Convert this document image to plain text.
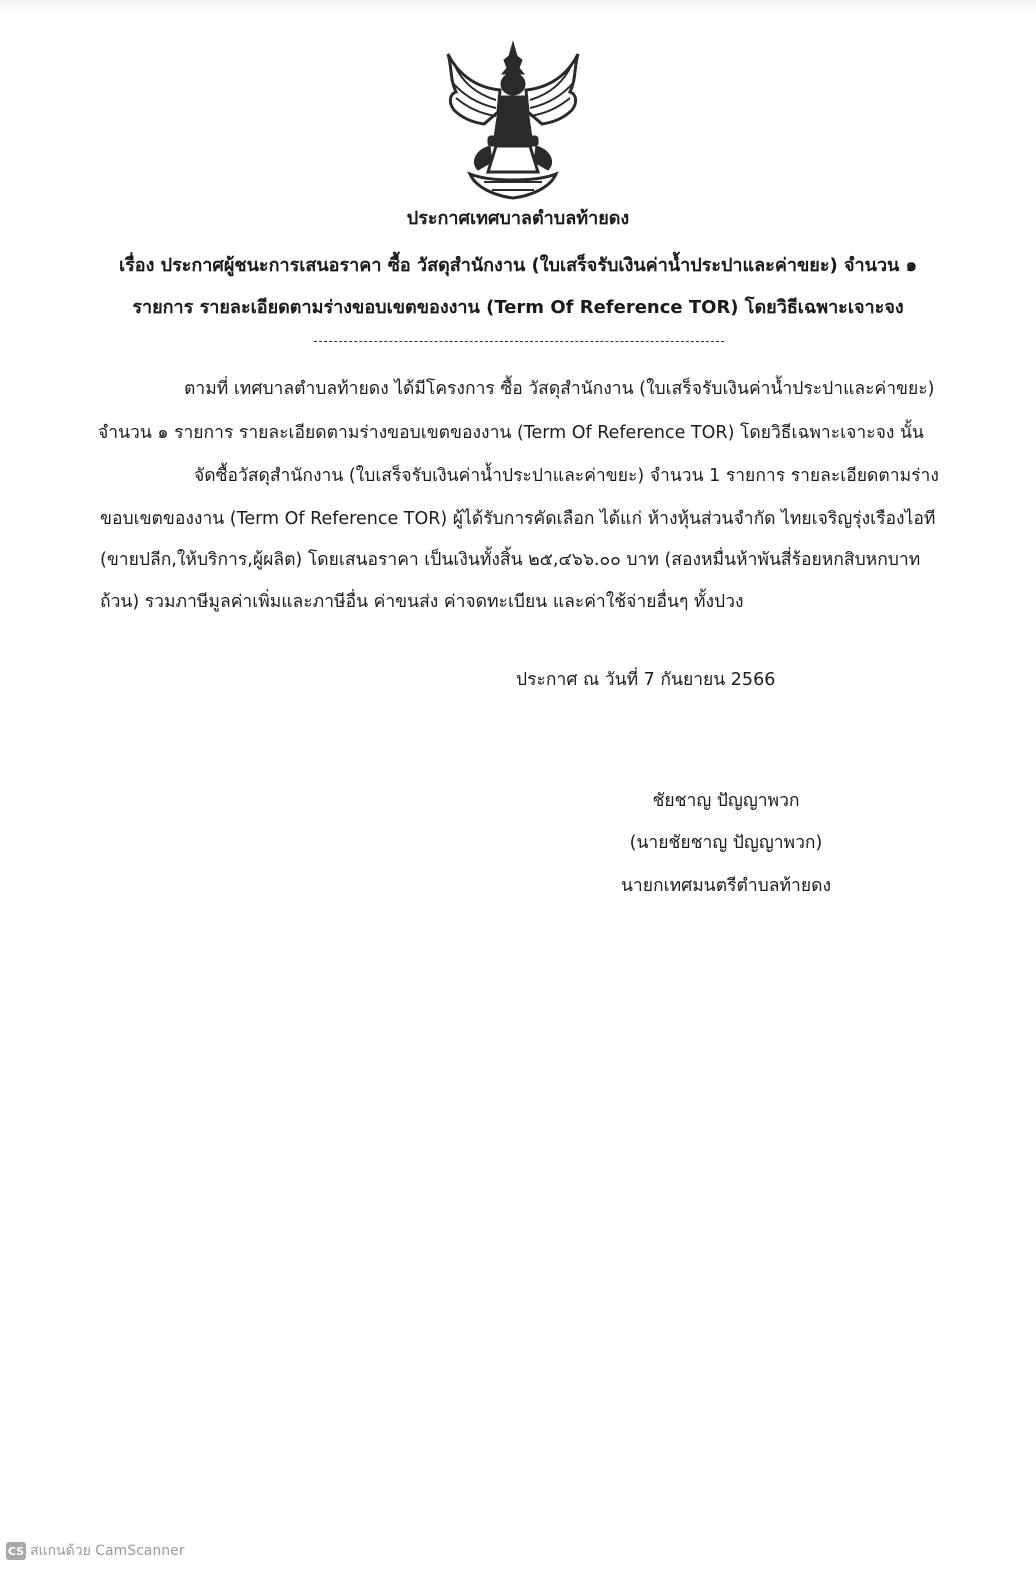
ประกาศเทศบาลตำบลท้ายดง
เรื่อง ประกาศผู้ชนะการเสนอราคา ซื้อ วัสดุสำนักงาน (ใบเสร็จรับเงินค่าน้ำประปาและค่าขยะ) จำนวน ๑
รายการ รายละเอียดตามร่างขอบเขตของงาน (Term Of Reference TOR) โดยวิธีเฉพาะเจาะจง
ตามที่ เทศบาลตำบลท้ายดง ได้มีโครงการ ซื้อ วัสดุสำนักงาน (ใบเสร็จรับเงินค่าน้ำประปาและค่าขยะ)
จำนวน ๑ รายการ รายละเอียดตามร่างขอบเขตของงาน (Term Of Reference TOR) โดยวิธีเฉพาะเจาะจง นั้น
จัดซื้อวัสดุสำนักงาน (ใบเสร็จรับเงินค่าน้ำประปาและค่าขยะ) จำนวน 1 รายการ รายละเอียดตามร่าง
ขอบเขตของงาน (Term Of Reference TOR) ผู้ได้รับการคัดเลือก ได้แก่ ห้างหุ้นส่วนจำกัด ไทยเจริญรุ่งเรืองไอที
(ขายปลีก,ให้บริการ,ผู้ผลิต) โดยเสนอราคา เป็นเงินทั้งสิ้น ๒๕,๔๖๖.๐๐ บาท (สองหมื่นห้าพันสี่ร้อยหกสิบหกบาท
ถ้วน) รวมภาษีมูลค่าเพิ่มและภาษีอื่น ค่าขนส่ง ค่าจดทะเบียน และค่าใช้จ่ายอื่นๆ ทั้งปวง
ประกาศ ณ วันที่ 7 กันยายน 2566
ชัยชาญ ปัญญาพวก
(นายชัยชาญ ปัญญาพวก)
นายกเทศมนตรีตำบลท้ายดง
CS สแกนด้วย CamScanner
